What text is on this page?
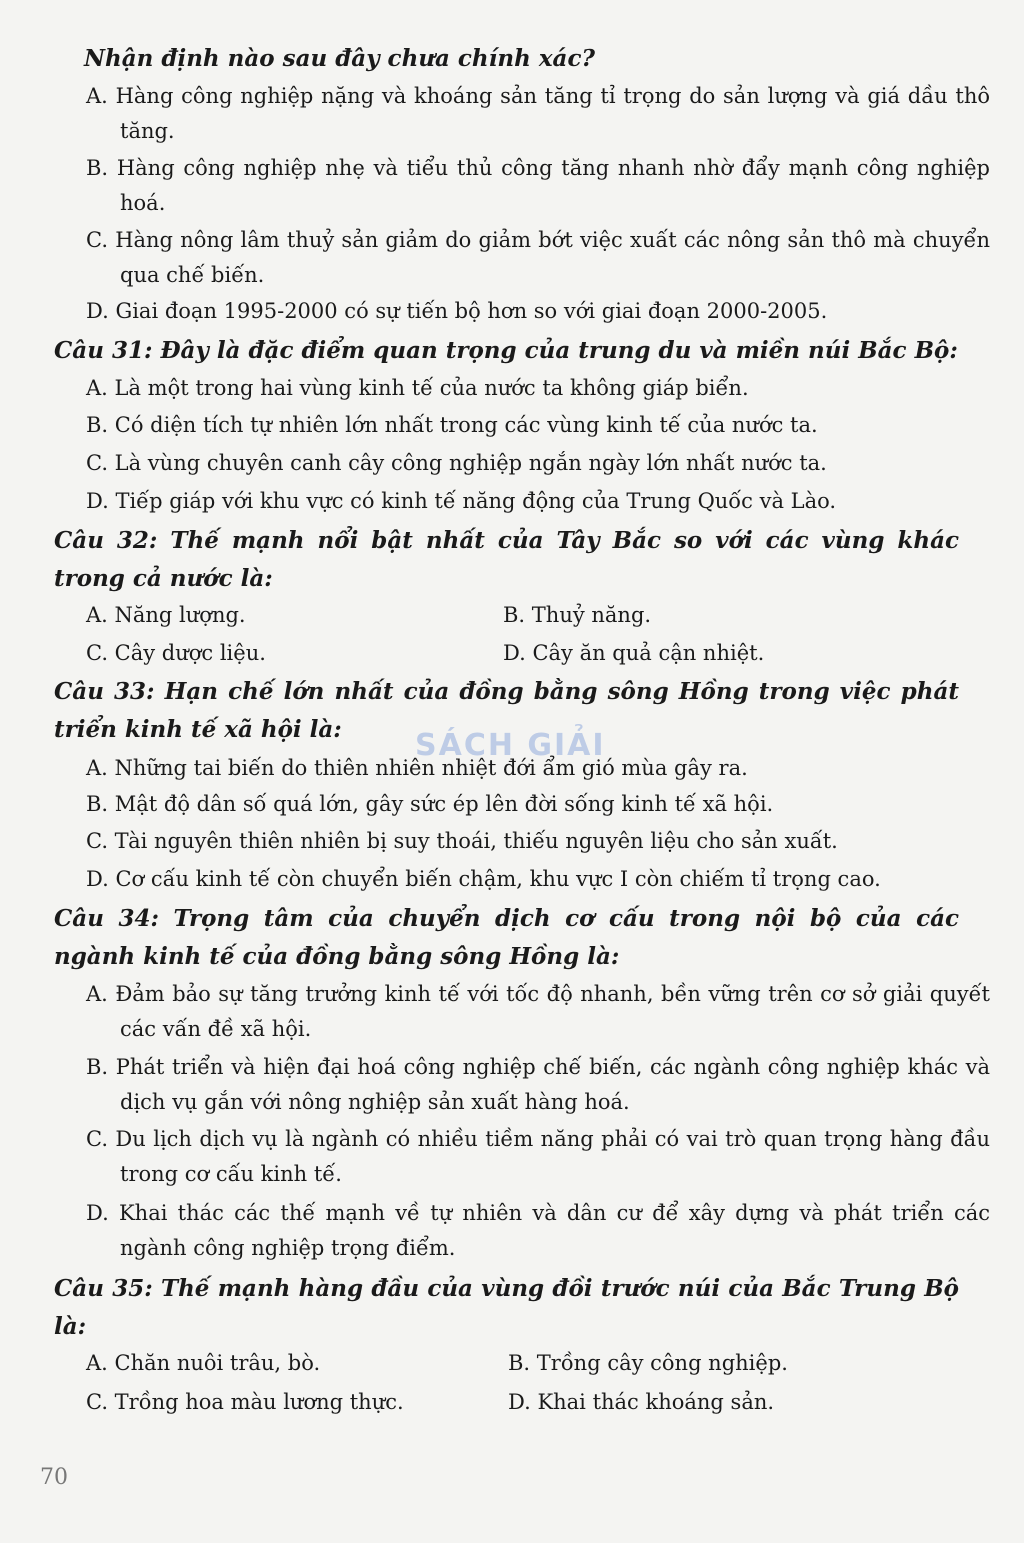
Nhận định nào sau đây chưa chính xác?
A. Hàng công nghiệp nặng và khoáng sản tăng tỉ trọng do sản lượng và giá dầu thô tăng.
B. Hàng công nghiệp nhẹ và tiểu thủ công tăng nhanh nhờ đẩy mạnh công nghiệp hoá.
C. Hàng nông lâm thuỷ sản giảm do giảm bớt việc xuất các nông sản thô mà chuyển qua chế biến.
D. Giai đoạn 1995-2000 có sự tiến bộ hơn so với giai đoạn 2000-2005.
Câu 31: Đây là đặc điểm quan trọng của trung du và miền núi Bắc Bộ:
A. Là một trong hai vùng kinh tế của nước ta không giáp biển.
B. Có diện tích tự nhiên lớn nhất trong các vùng kinh tế của nước ta.
C. Là vùng chuyên canh cây công nghiệp ngắn ngày lớn nhất nước ta.
D. Tiếp giáp với khu vực có kinh tế năng động của Trung Quốc và Lào.
Câu 32: Thế mạnh nổi bật nhất của Tây Bắc so với các vùng khác trong cả nước là:
A. Năng lượng.	B. Thuỷ năng.
C. Cây dược liệu.	D. Cây ăn quả cận nhiệt.
Câu 33: Hạn chế lớn nhất của đồng bằng sông Hồng trong việc phát triển kinh tế xã hội là:
A. Những tai biến do thiên nhiên nhiệt đới ẩm gió mùa gây ra.
B. Mật độ dân số quá lớn, gây sức ép lên đời sống kinh tế xã hội.
C. Tài nguyên thiên nhiên bị suy thoái, thiếu nguyên liệu cho sản xuất.
D. Cơ cấu kinh tế còn chuyển biến chậm, khu vực I còn chiếm tỉ trọng cao.
Câu 34: Trọng tâm của chuyển dịch cơ cấu trong nội bộ của các ngành kinh tế của đồng bằng sông Hồng là:
A. Đảm bảo sự tăng trưởng kinh tế với tốc độ nhanh, bền vững trên cơ sở giải quyết các vấn đề xã hội.
B. Phát triển và hiện đại hoá công nghiệp chế biến, các ngành công nghiệp khác và dịch vụ gắn với nông nghiệp sản xuất hàng hoá.
C. Du lịch dịch vụ là ngành có nhiều tiềm năng phải có vai trò quan trọng hàng đầu trong cơ cấu kinh tế.
D. Khai thác các thế mạnh về tự nhiên và dân cư để xây dựng và phát triển các ngành công nghiệp trọng điểm.
Câu 35: Thế mạnh hàng đầu của vùng đồi trước núi của Bắc Trung Bộ là:
A. Chăn nuôi trâu, bò.	B. Trồng cây công nghiệp.
C. Trồng hoa màu lương thực.	D. Khai thác khoáng sản.
SÁCH GIẢI
70
